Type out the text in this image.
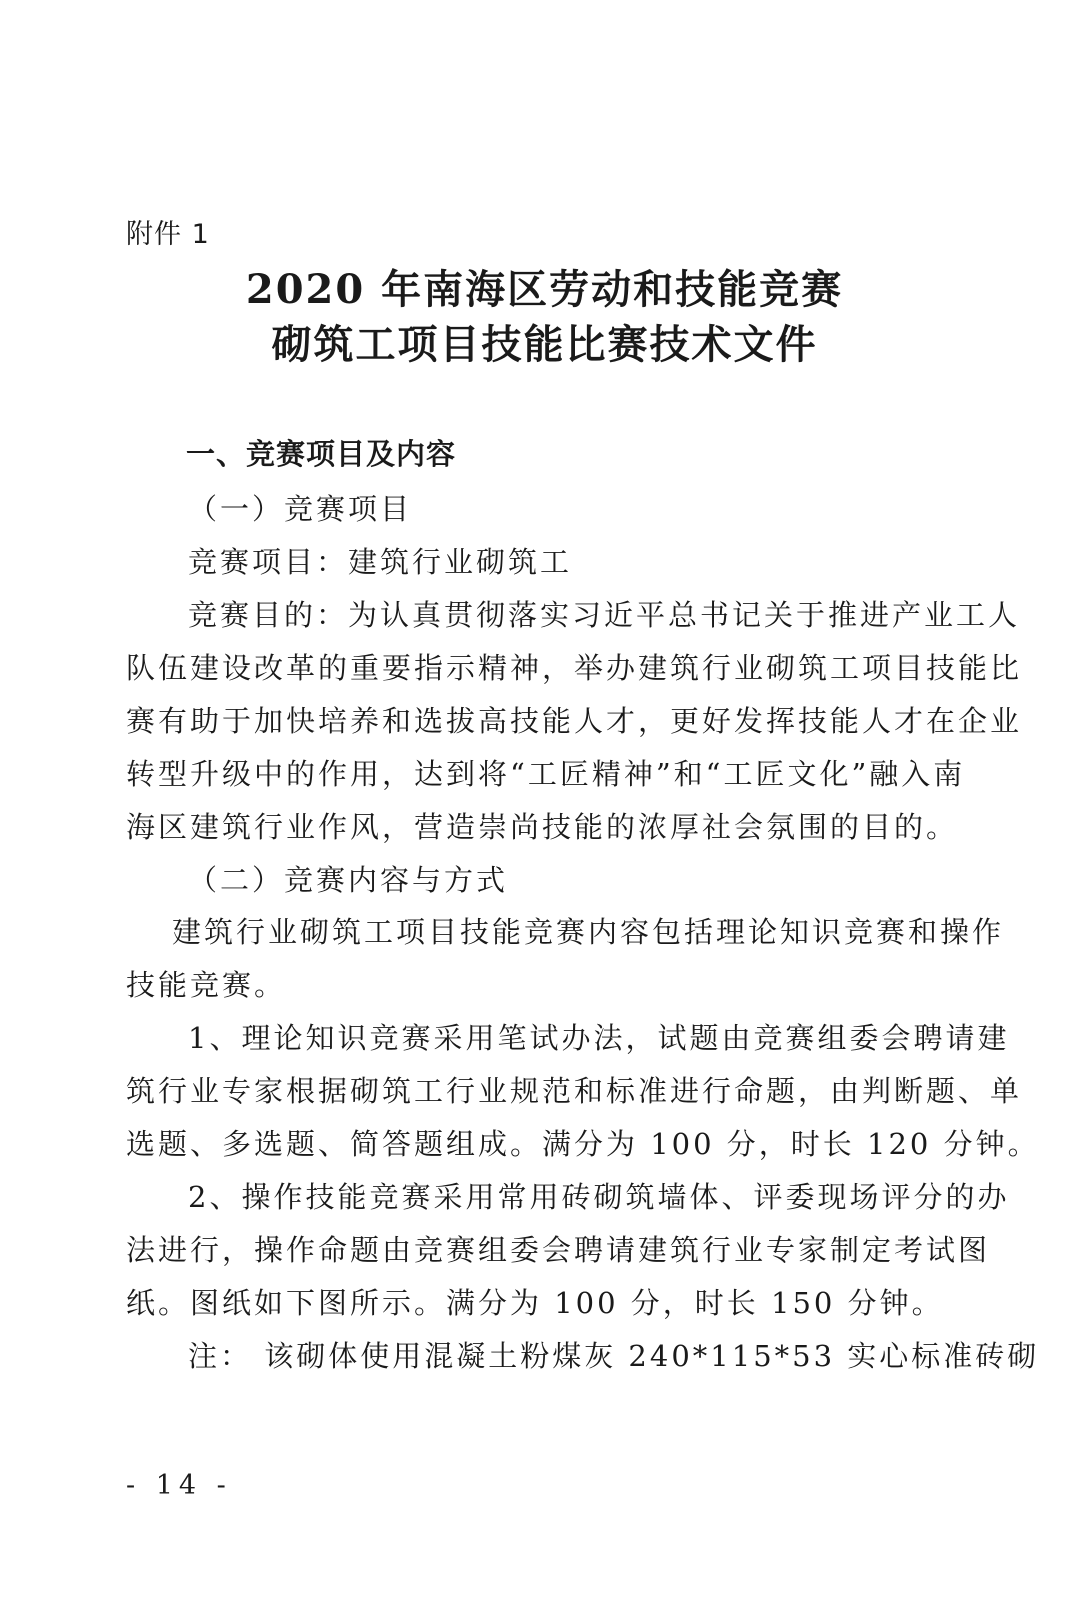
附件 1
2020 年南海区劳动和技能竞赛
砌筑工项目技能比赛技术文件
一、竞赛项目及内容
（一）竞赛项目
竞赛项目：建筑行业砌筑工
竞赛目的：为认真贯彻落实习近平总书记关于推进产业工人
队伍建设改革的重要指示精神，举办建筑行业砌筑工项目技能比
赛有助于加快培养和选拔高技能人才，更好发挥技能人才在企业
转型升级中的作用，达到将“工匠精神”和“工匠文化”融入南
海区建筑行业作风，营造崇尚技能的浓厚社会氛围的目的。
（二）竞赛内容与方式
建筑行业砌筑工项目技能竞赛内容包括理论知识竞赛和操作
技能竞赛。
1、理论知识竞赛采用笔试办法，试题由竞赛组委会聘请建
筑行业专家根据砌筑工行业规范和标准进行命题，由判断题、单
选题、多选题、简答题组成。满分为 100 分，时长 120 分钟。
2、操作技能竞赛采用常用砖砌筑墙体、评委现场评分的办
法进行，操作命题由竞赛组委会聘请建筑行业专家制定考试图
纸。图纸如下图所示。满分为 100 分，时长 150 分钟。
注： 该砌体使用混凝土粉煤灰 240*115*53 实心标准砖砌
- 14 -
